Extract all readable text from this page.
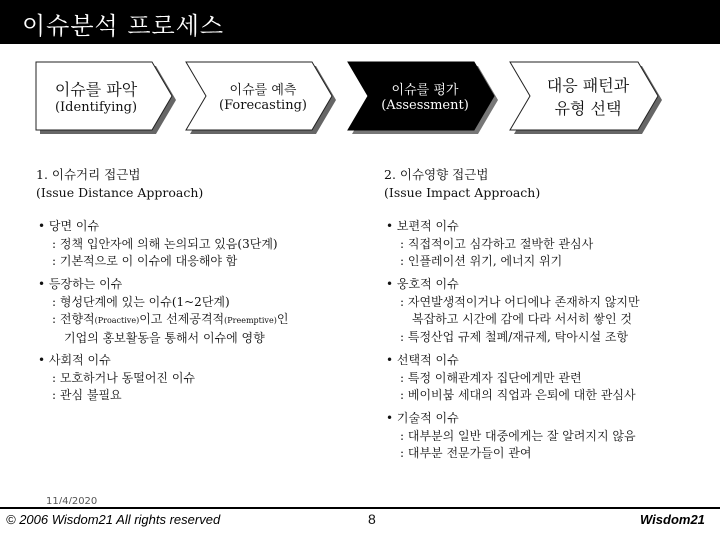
이슈분석 프로세스
이슈를 파악
(Identifying)
이슈를 예측
(Forecasting)
이슈를 평가
(Assessment)
대응 패턴과
유형 선택
1. 이슈거리 접근법
(Issue Distance Approach)
• 당면 이슈
: 정책 입안자에 의해 논의되고 있음(3단계)
: 기본적으로 이 이슈에 대응해야 함
• 등장하는 이슈
: 형성단계에 있는 이슈(1~2단계)
: 전향적(Proactive)이고 선제공격적(Preemptive)인
기업의 홍보활동을 통해서 이슈에 영향
• 사회적 이슈
: 모호하거나 동떨어진 이슈
: 관심 불필요
2. 이슈영향 접근법
(Issue Impact Approach)
• 보편적 이슈
: 직접적이고 심각하고 절박한 관심사
: 인플레이션 위기, 에너지 위기
• 웅호적 이슈
: 자연발생적이거나 어디에나 존재하지 않지만
복잡하고 시간에 감에 다라 서서히 쌓인 것
: 특정산업 규제 철폐/재규제, 탁아시설 조항
• 선택적 이슈
: 특정 이해관계자 집단에게만 관련
: 베이비붐 세대의 직업과 은퇴에 대한 관심사
• 기술적 이슈
: 대부분의 일반 대중에게는 잘 알려지지 않음
: 대부분 전문가들이 관여
11/4/2020
© 2006 Wisdom21 All rights reserved	8	Wisdom21
